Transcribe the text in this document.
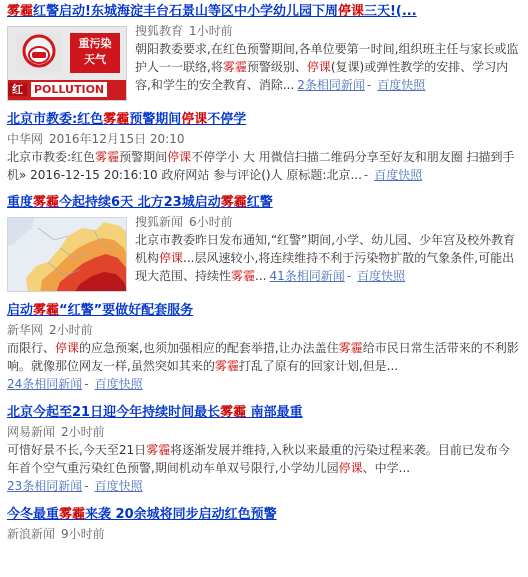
雾霾红警启动!东城海淀丰台石景山等区中小学幼儿园下周停课三天!(...
重污染
天气
红 POLLUTION
搜狐教育 1小时前
朝阳教委要求,在红色预警期间,各单位要第一时间,组织班主任与家长或监护人一一联络,将雾霾预警级别、停课(复课)或弹性教学的安排、学习内容,和学生的安全教育、消除... 2条相同新闻 - 百度快照
北京市教委:红色雾霾预警期间停课不停学
中华网 2016年12月15日 20:10
北京市教委:红色雾霾预警期间停课不停学小 大 用微信扫描二维码分享至好友和朋友圈 扫描到手机» 2016-12-15 20:16:10 政府网站 参与评论()人 原标题:北京... - 百度快照
重度雾霾今起持续6天 北方23城启动雾霾红警
搜狐新闻 6小时前
北京市教委昨日发布通知,“红警”期间,小学、幼儿园、少年宫及校外教育机构停课...层风速较小,将连续维持不利于污染物扩散的气象条件,可能出现大范围、持续性雾霾... 41条相同新闻 - 百度快照
启动雾霾“红警”要做好配套服务
新华网 2小时前
而限行、停课的应急预案,也须加强相应的配套举措,让办法盖住雾霾给市民日常生活带来的不利影响。就像那位网友一样,虽然突如其来的雾霾打乱了原有的回家计划,但是...
24条相同新闻 - 百度快照
北京今起至21日迎今年持续时间最长雾霾 南部最重
网易新闻 2小时前
可惜好景不长,今天至21日雾霾将逐渐发展并维持,入秋以来最重的污染过程来袭。目前已发布今年首个空气重污染红色预警,期间机动车单双号限行,小学幼儿园停课、中学...
23条相同新闻 - 百度快照
今冬最重雾霾来袭 20余城将同步启动红色预警
新浪新闻 9小时前
